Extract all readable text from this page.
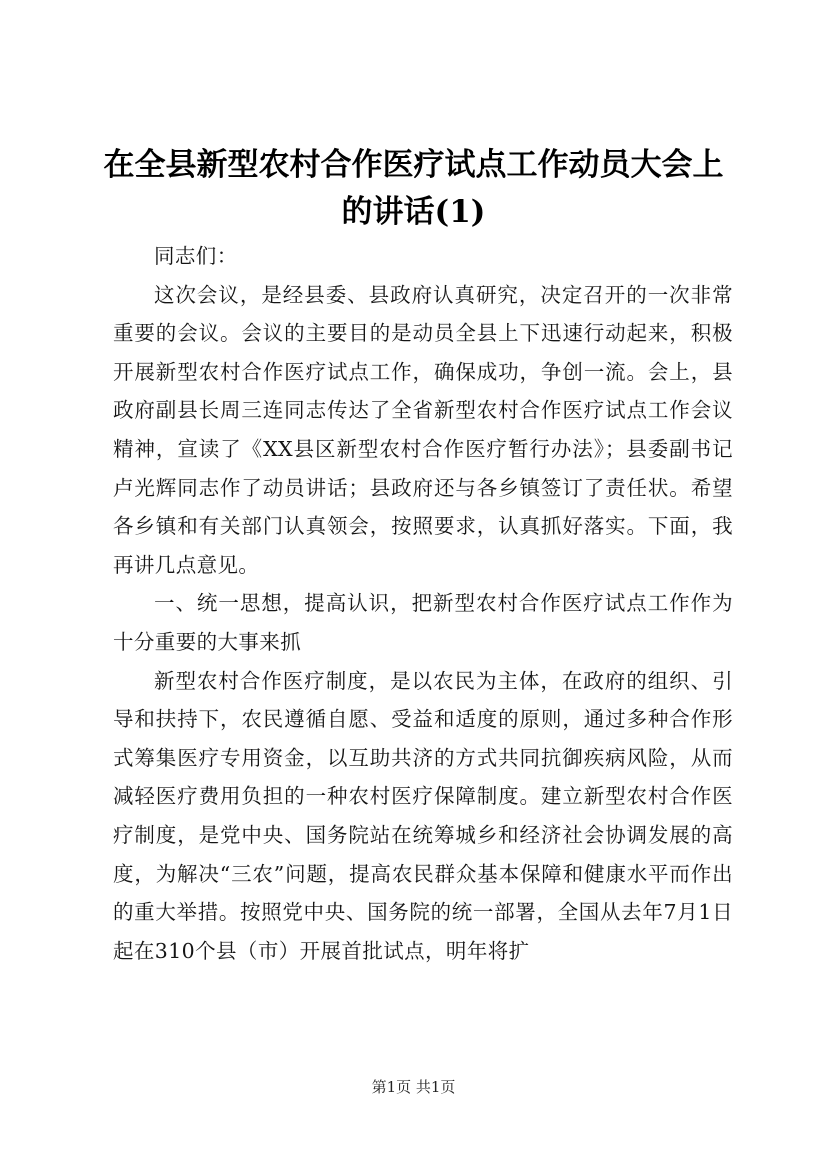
在全县新型农村合作医疗试点工作动员大会上的讲话(1)

同志们：

这次会议，是经县委、县政府认真研究，决定召开的一次非常重要的会议。会议的主要目的是动员全县上下迅速行动起来，积极开展新型农村合作医疗试点工作，确保成功，争创一流。会上，县政府副县长周三连同志传达了全省新型农村合作医疗试点工作会议精神，宣读了《XX县区新型农村合作医疗暂行办法》；县委副书记卢光辉同志作了动员讲话；县政府还与各乡镇签订了责任状。希望各乡镇和有关部门认真领会，按照要求，认真抓好落实。下面，我再讲几点意见。

一、统一思想，提高认识，把新型农村合作医疗试点工作作为十分重要的大事来抓

新型农村合作医疗制度，是以农民为主体，在政府的组织、引导和扶持下，农民遵循自愿、受益和适度的原则，通过多种合作形式筹集医疗专用资金，以互助共济的方式共同抗御疾病风险，从而减轻医疗费用负担的一种农村医疗保障制度。建立新型农村合作医疗制度，是党中央、国务院站在统筹城乡和经济社会协调发展的高度，为解决“三农”问题，提高农民群众基本保障和健康水平而作出的重大举措。按照党中央、国务院的统一部署，全国从去年7月1日起在310个县（市）开展首批试点，明年将扩

第1页 共1页
